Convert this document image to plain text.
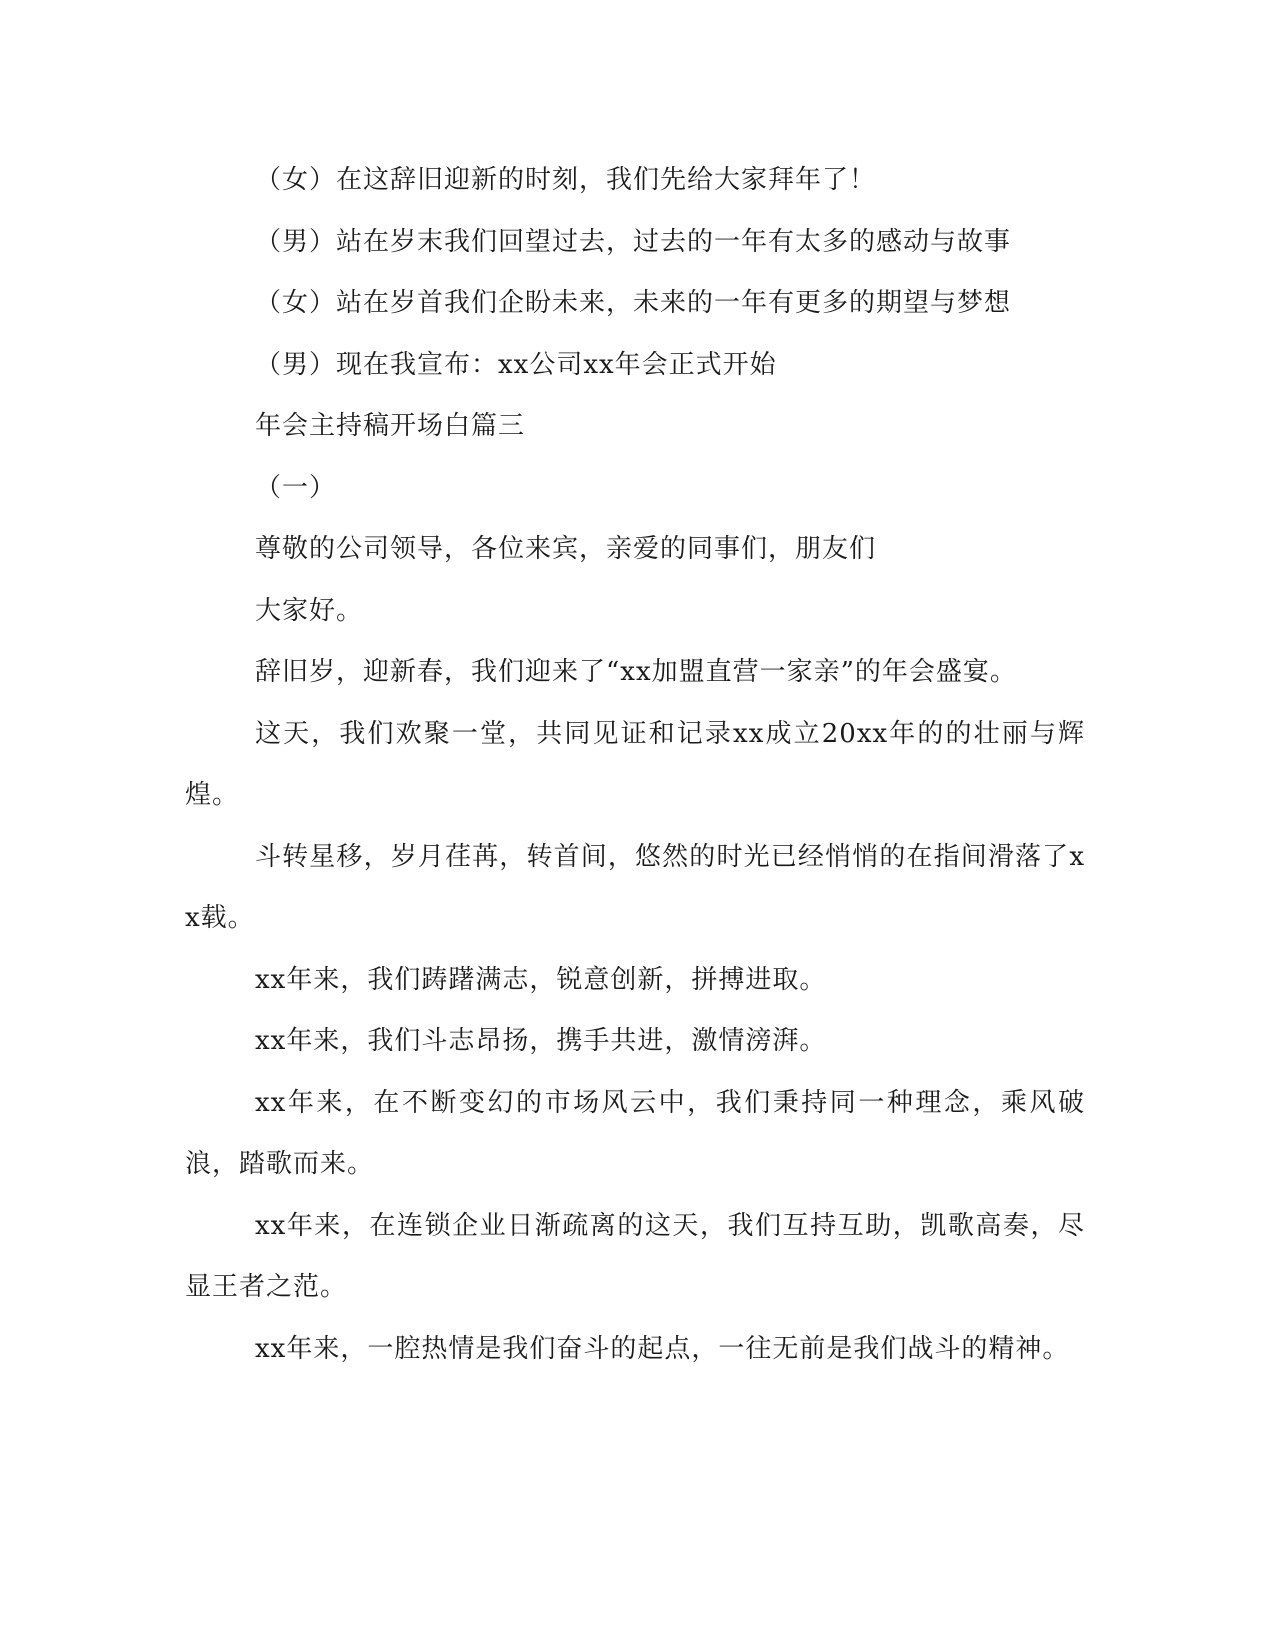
（女）在这辞旧迎新的时刻，我们先给大家拜年了！

（男）站在岁末我们回望过去，过去的一年有太多的感动与故事

（女）站在岁首我们企盼未来，未来的一年有更多的期望与梦想

（男）现在我宣布：xx公司xx年会正式开始

年会主持稿开场白篇三

（一）

尊敬的公司领导，各位来宾，亲爱的同事们，朋友们

大家好。

辞旧岁，迎新春，我们迎来了“xx加盟直营一家亲”的年会盛宴。

这天，我们欢聚一堂，共同见证和记录xx成立20xx年的的壮丽与辉煌。

斗转星移，岁月荏苒，转首间，悠然的时光已经悄悄的在指间滑落了xx载。

xx年来，我们踌躇满志，锐意创新，拼搏进取。

xx年来，我们斗志昂扬，携手共进，激情滂湃。

xx年来，在不断变幻的市场风云中，我们秉持同一种理念，乘风破浪，踏歌而来。

xx年来，在连锁企业日渐疏离的这天，我们互持互助，凯歌高奏，尽显王者之范。

xx年来，一腔热情是我们奋斗的起点，一往无前是我们战斗的精神。
